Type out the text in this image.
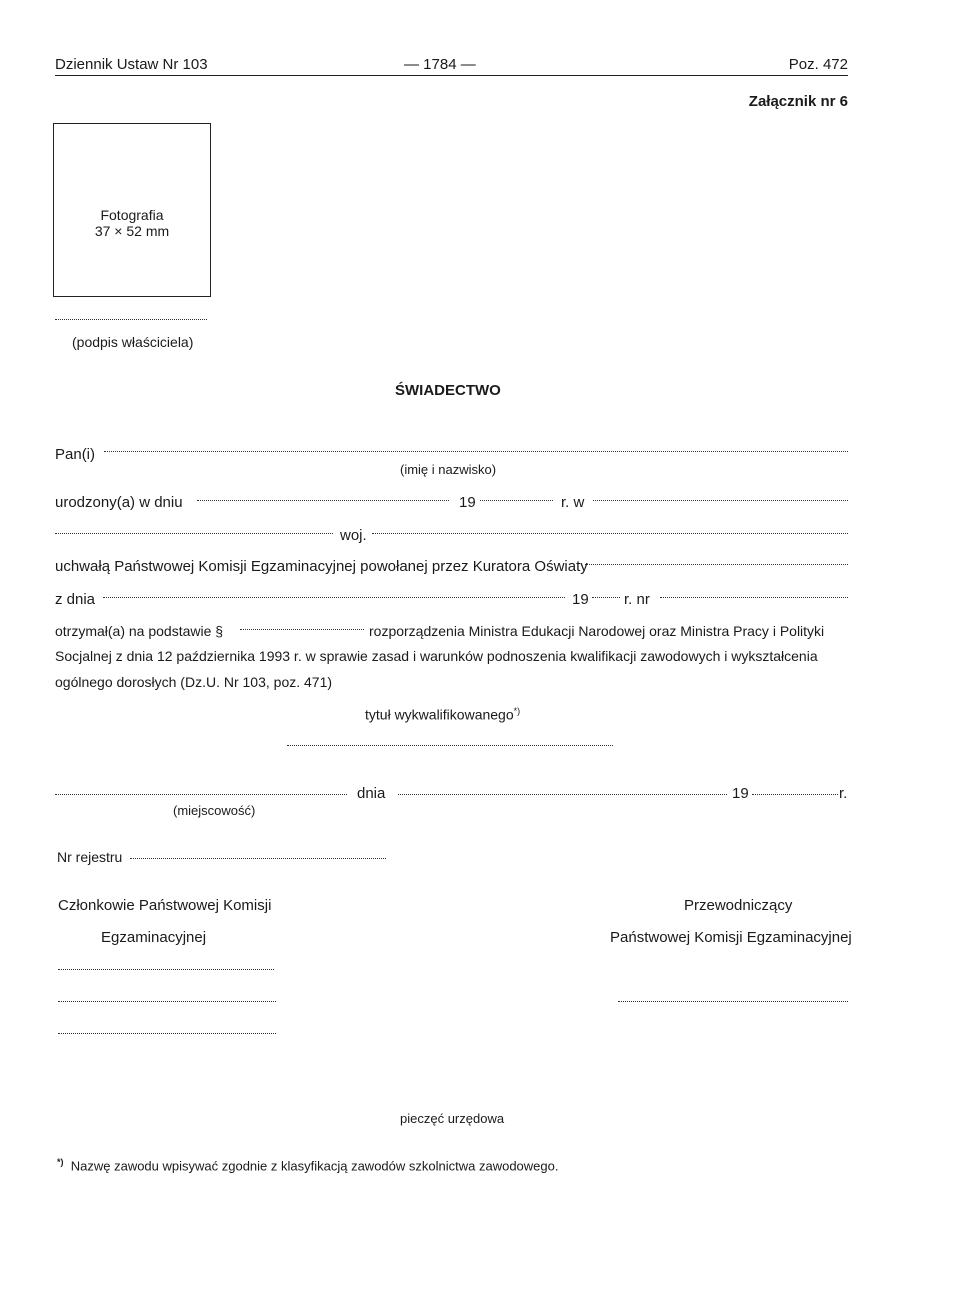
Dziennik Ustaw Nr 103	— 1784 —	Poz. 472
Załącznik nr 6
Fotografia
37 × 52 mm
(podpis właściciela)
ŚWIADECTWO
Pan(i)
(imię i nazwisko)
urodzony(a) w dniu	19	r. w
woj.
uchwałą Państwowej Komisji Egzaminacyjnej powołanej przez Kuratora Oświaty
z dnia	19 r. nr
otrzymał(a) na podstawie §	rozporządzenia Ministra Edukacji Narodowej oraz Ministra Pracy i Polityki
Socjalnej z dnia 12 października 1993 r. w sprawie zasad i warunków podnoszenia kwalifikacji zawodowych i wykształcenia
ogólnego dorosłych (Dz.U. Nr 103, poz. 471)
tytuł wykwalifikowanego*)
dnia	19	r.
(miejscowość)
Nr rejestru
Członkowie Państwowej Komisji
Egzaminacyjnej
Przewodniczący
Państwowej Komisji Egzaminacyjnej
pieczęć urzędowa
*) Nazwę zawodu wpisywać zgodnie z klasyfikacją zawodów szkolnictwa zawodowego.
